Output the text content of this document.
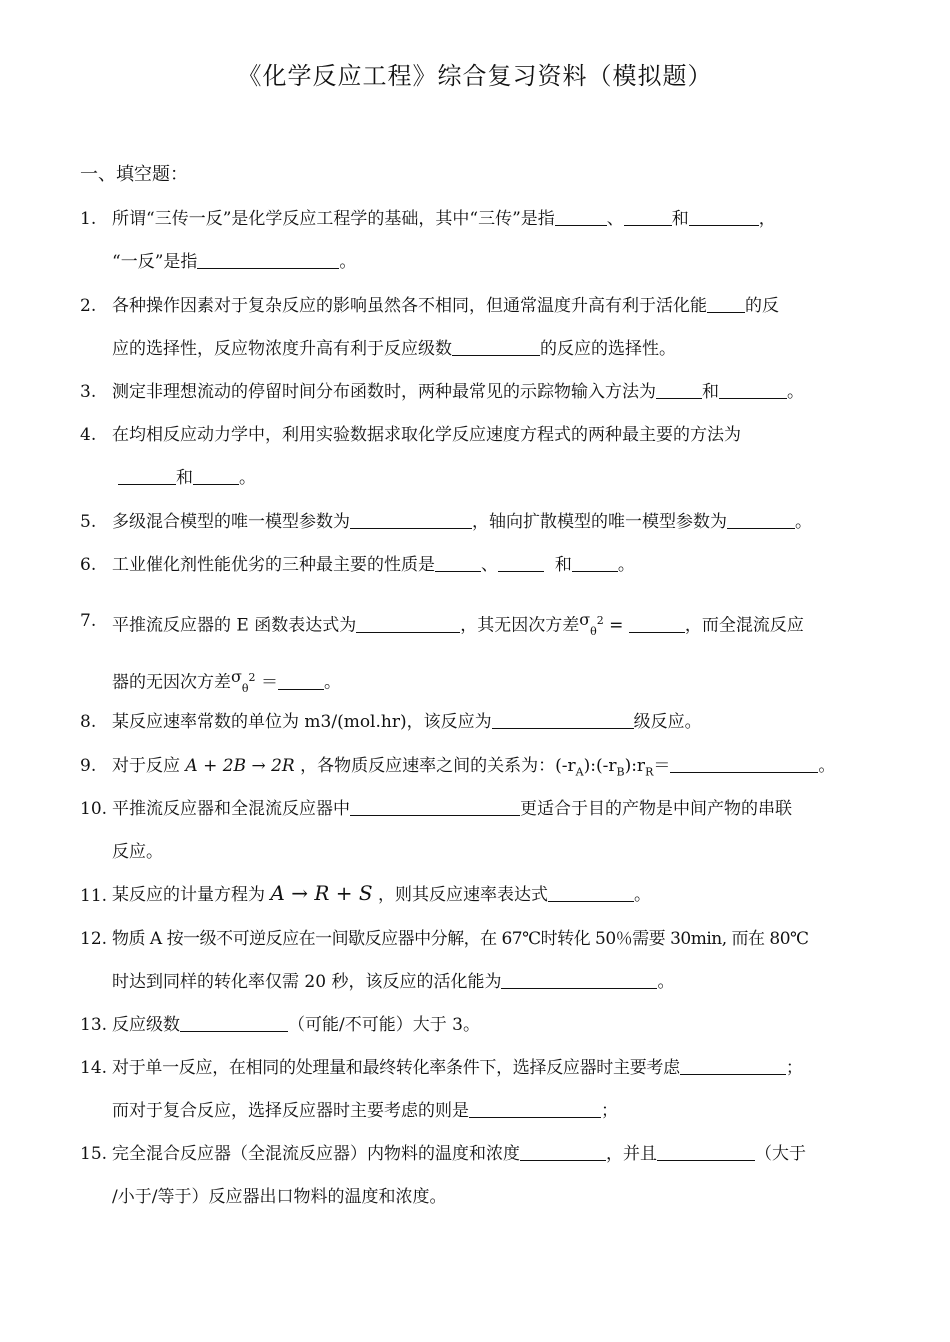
《化学反应工程》综合复习资料（模拟题）
一、填空题：
1. 所谓“三传一反”是化学反应工程学的基础，其中“三传”是指	、	和	，
“一反”是指	。
2. 各种操作因素对于复杂反应的影响虽然各不相同，但通常温度升高有利于活化能 的反
应的选择性，反应物浓度升高有利于反应级数	的反应的选择性。
3. 测定非理想流动的停留时间分布函数时，两种最常见的示踪物输入方法为	和	。
4. 在均相反应动力学中，利用实验数据求取化学反应速度方程式的两种最主要的方法为
和	。
5. 多级混合模型的唯一模型参数为	，轴向扩散模型的唯一模型参数为	。
6. 工业催化剂性能优劣的三种最主要的性质是	、	和	。
7. 平推流反应器的 E 函数表达式为	，其无因次方差$\sigma_\theta^2$ =	，而全混流反应
器的无因次方差$\sigma_\theta^2$ ＝	。
8. 某反应速率常数的单位为 m3/(mol.hr)，该反应为	级反应。
9. 对于反应 A + 2B → 2R ，各物质反应速率之间的关系为：$(-r_A):(-r_B):r_R=$	。
10. 平推流反应器和全混流反应器中	更适合于目的产物是中间产物的串联
反应。
11. 某反应的计量方程为 A → R + S ，则其反应速率表达式	。
12. 物质 A 按一级不可逆反应在一间歇反应器中分解，在 67℃时转化 50％需要 30min, 而在 80℃
时达到同样的转化率仅需 20 秒，该反应的活化能为	。
13. 反应级数	（可能/不可能）大于 3。
14. 对于单一反应，在相同的处理量和最终转化率条件下，选择反应器时主要考虑	；
而对于复合反应，选择反应器时主要考虑的则是	；
15. 完全混合反应器（全混流反应器）内物料的温度和浓度	，并且	（大于
/小于/等于）反应器出口物料的温度和浓度。
